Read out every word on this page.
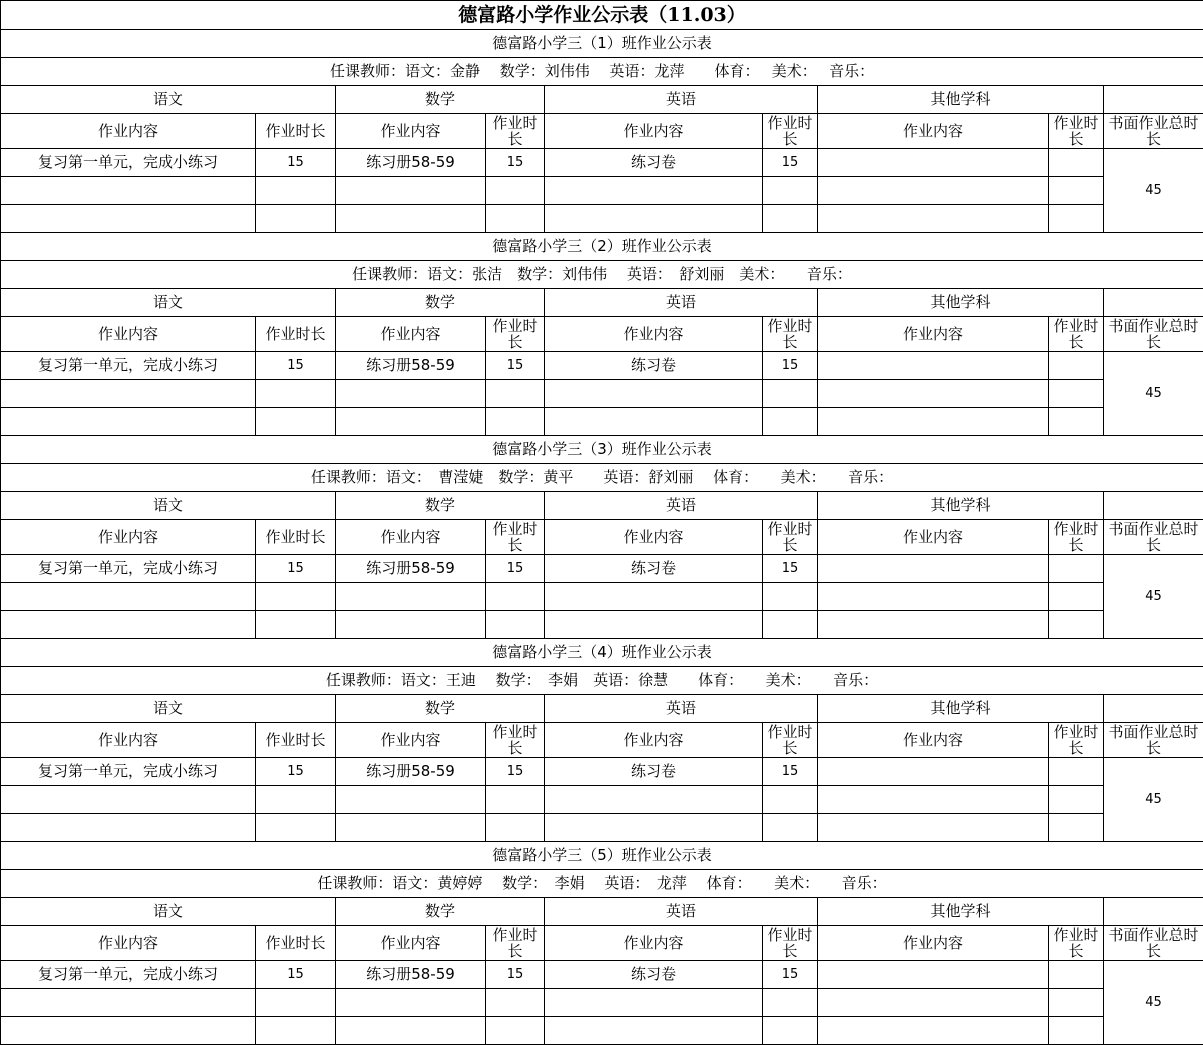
德富路小学作业公示表（11.03）								
德富路小学三（1）班作业公示表								
任课教师：语文：金静　 数学：刘伟伟　 英语：龙萍　　体育：　 美术：　 音乐：								
语文		数学		英语		其他学科		
作业内容	作业时长	作业内容	作业时长	作业内容	作业时长	作业内容	作业时长	书面作业总时长
复习第一单元，完成小练习	15	练习册58-59	15	练习卷	15			45

德富路小学三（2）班作业公示表								
任课教师：语文：张洁　数学：刘伟伟　 英语：　舒刘丽　美术：　　音乐：								
语文		数学		英语		其他学科		
作业内容	作业时长	作业内容	作业时长	作业内容	作业时长	作业内容	作业时长	书面作业总时长
复习第一单元，完成小练习	15	练习册58-59	15	练习卷	15			45

德富路小学三（3）班作业公示表								
任课教师：语文：　曹滢婕　数学：黄平　　英语：舒刘丽　 体育：　　美术：　　音乐：								
语文		数学		英语		其他学科		
作业内容	作业时长	作业内容	作业时长	作业内容	作业时长	作业内容	作业时长	书面作业总时长
复习第一单元，完成小练习	15	练习册58-59	15	练习卷	15			45

德富路小学三（4）班作业公示表								
任课教师：语文：王迪　 数学：　李娟　英语：徐慧　　体育：　　美术：　　音乐：								
语文		数学		英语		其他学科		
作业内容	作业时长	作业内容	作业时长	作业内容	作业时长	作业内容	作业时长	书面作业总时长
复习第一单元，完成小练习	15	练习册58-59	15	练习卷	15			45

德富路小学三（5）班作业公示表								
任课教师：语文：黄婷婷　 数学：　李娟　 英语：　龙萍　 体育：　　美术：　　音乐：								
语文		数学		英语		其他学科		
作业内容	作业时长	作业内容	作业时长	作业内容	作业时长	作业内容	作业时长	书面作业总时长
复习第一单元，完成小练习	15	练习册58-59	15	练习卷	15			45
